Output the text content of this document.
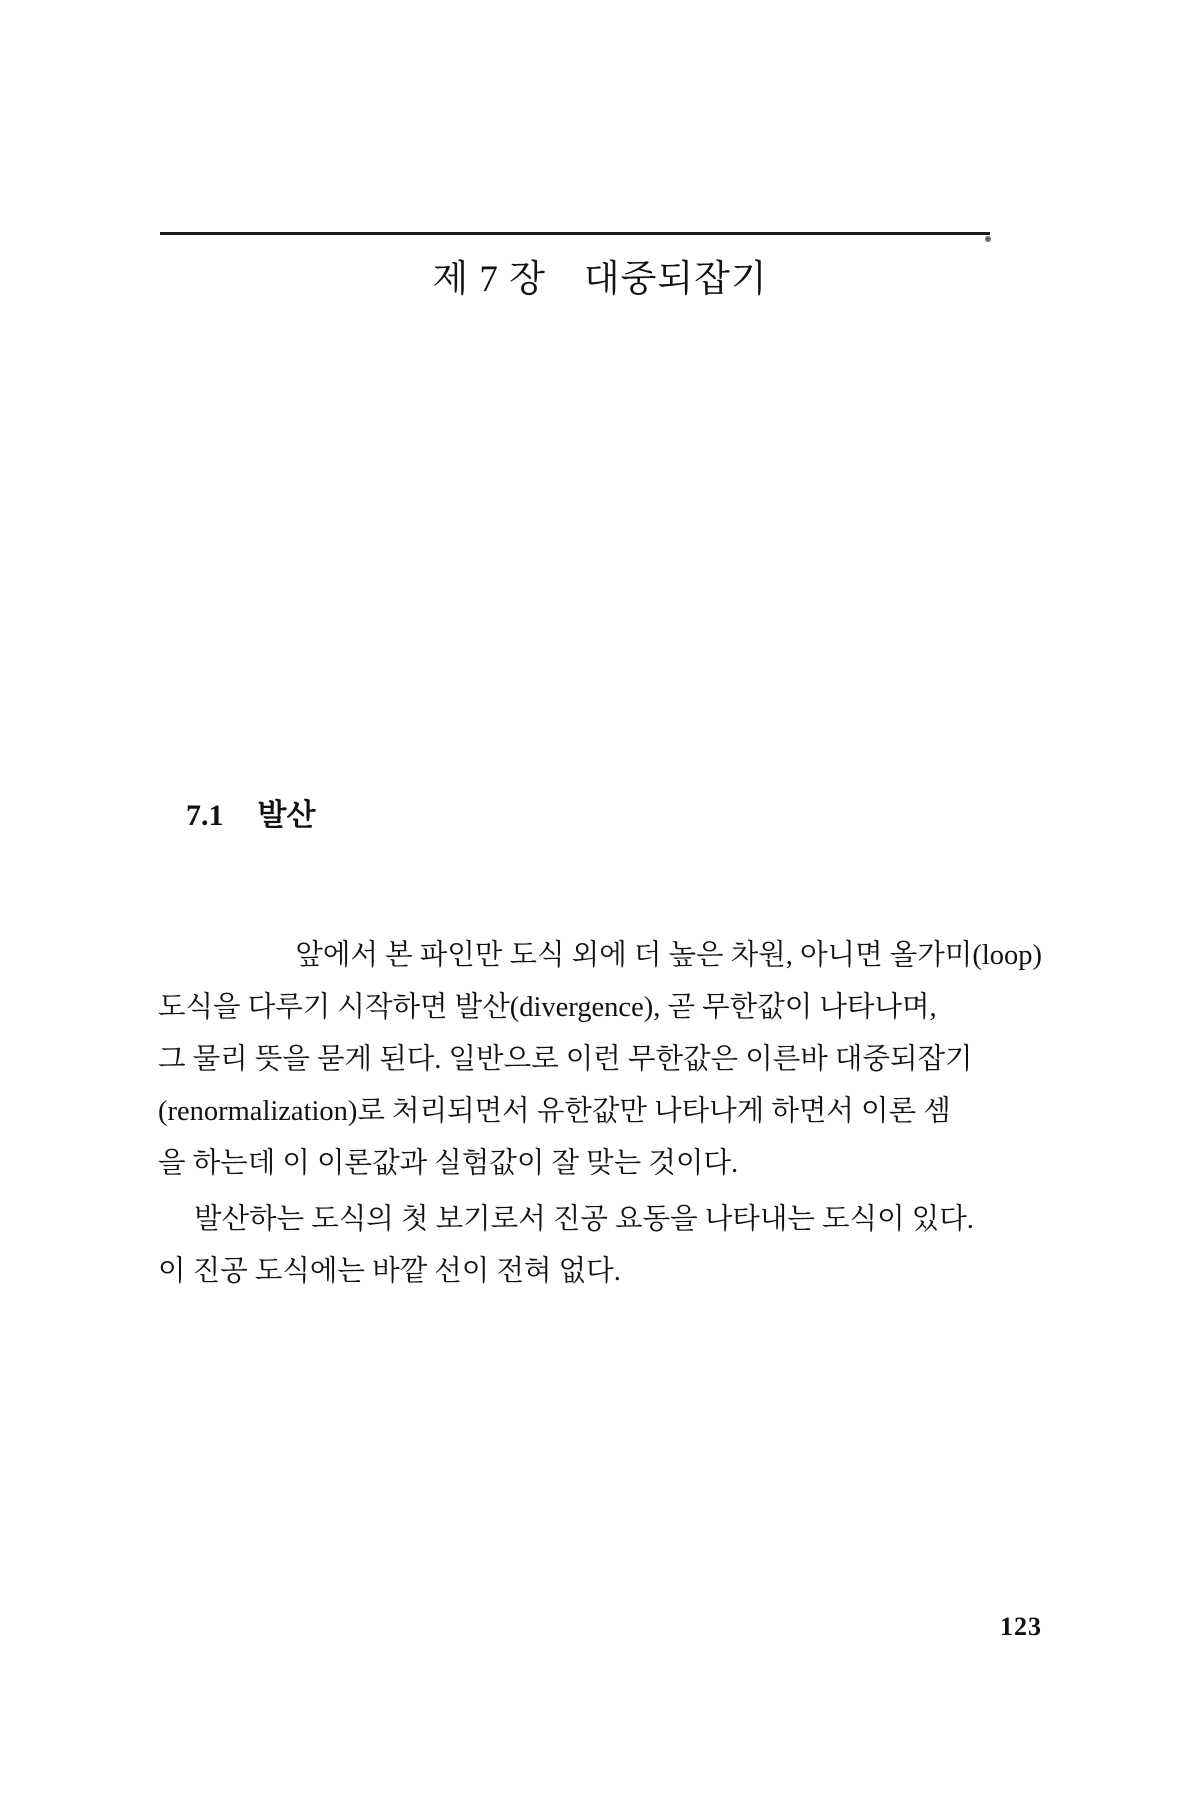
제 7 장 대중되잡기
7.1 발산

앞에서 본 파인만 도식 외에 더 높은 차원, 아니면 올가미(loop)
도식을 다루기 시작하면 발산(divergence), 곧 무한값이 나타나며,
그 물리 뜻을 묻게 된다. 일반으로 이런 무한값은 이른바 대중되잡기
(renormalization)로 처리되면서 유한값만 나타나게 하면서 이론 셈
을 하는데 이 이론값과 실험값이 잘 맞는 것이다.

발산하는 도식의 첫 보기로서 진공 요동을 나타내는 도식이 있다.
이 진공 도식에는 바깥 선이 전혀 없다.

123
